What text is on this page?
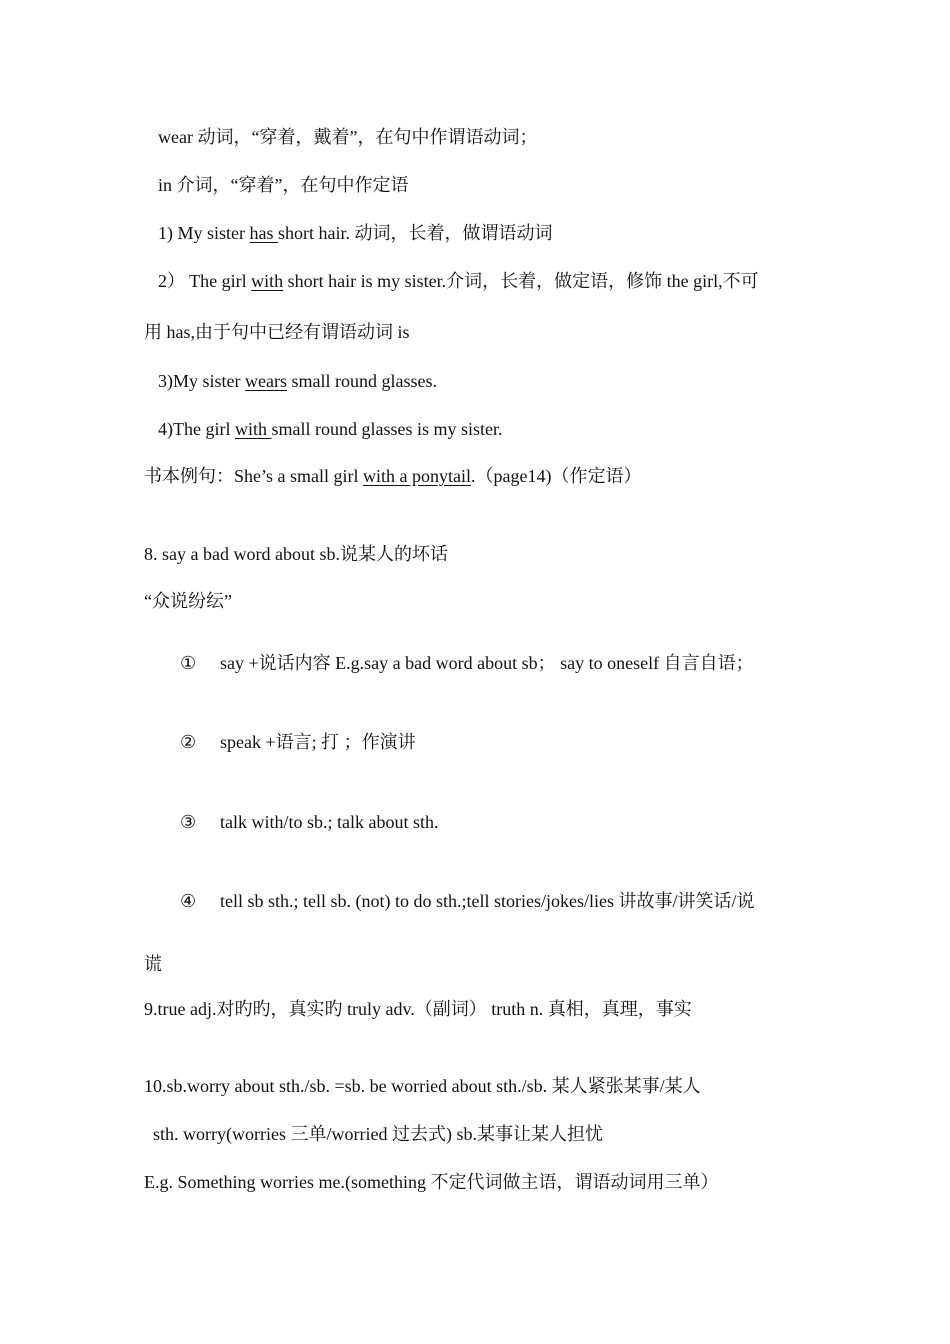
wear 动词，“穿着，戴着”，在句中作谓语动词；
in 介词，“穿着”，在句中作定语
1) My sister has short hair. 动词，长着，做谓语动词
2） The girl with short hair is my sister.介词，长着，做定语，修饰 the girl,不可
用 has,由于句中已经有谓语动词 is
3)My sister wears small round glasses.
4)The girl with small round glasses is my sister.
书本例句：She’s a small girl with a ponytail.（page14)（作定语）
8. say a bad word about sb.说某人的坏话
“众说纷纭”
① say +说话内容 E.g.say a bad word about sb； say to oneself 自言自语；
② speak +语言; 打 ；作演讲
③ talk with/to sb.; talk about sth.
④ tell sb sth.; tell sb. (not) to do sth.;tell stories/jokes/lies 讲故事/讲笑话/说
谎
9.true adj.对旳旳，真实旳 truly adv.（副词） truth n. 真相，真理，事实
10.sb.worry about sth./sb. =sb. be worried about sth./sb. 某人紧张某事/某人
sth. worry(worries 三单/worried 过去式) sb.某事让某人担忧
E.g. Something worries me.(something 不定代词做主语，谓语动词用三单）
